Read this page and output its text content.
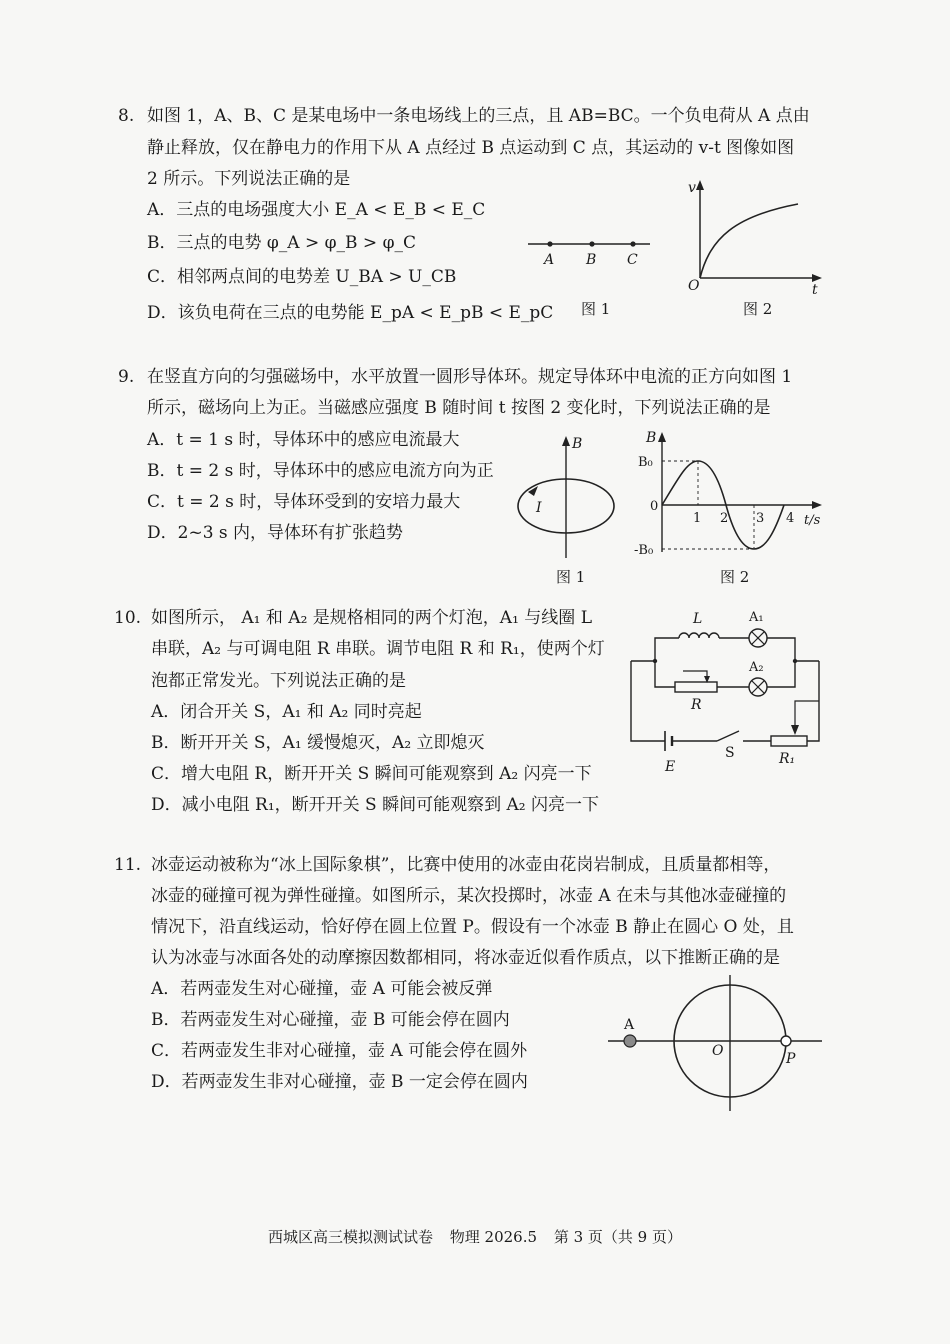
8. 如图 1，A、B、C 是某电场中一条电场线上的三点，且 AB=BC。一个负电荷从 A 点由
静止释放，仅在静电力的作用下从 A 点经过 B 点运动到 C 点，其运动的 v-t 图像如图
2 所示。下列说法正确的是
A．三点的电场强度大小 E_A < E_B < E_C
B．三点的电势 φ_A > φ_B > φ_C
C．相邻两点间的电势差 U_BA > U_CB
D．该负电荷在三点的电势能 E_pA < E_pB < E_pC
A B C
图 1
v
t
O
图 2
9. 在竖直方向的匀强磁场中，水平放置一圆形导体环。规定导体环中电流的正方向如图 1
所示，磁场向上为正。当磁感应强度 B 随时间 t 按图 2 变化时，下列说法正确的是
A．t = 1 s 时，导体环中的感应电流最大
B．t = 2 s 时，导体环中的感应电流方向为正
C．t = 2 s 时，导体环受到的安培力最大
D．2~3 s 内，导体环有扩张趋势
B
I
图 1
B
t/s
0
B₀
-B₀
1 2 3 4
图 2
10. 如图所示， A₁ 和 A₂ 是规格相同的两个灯泡，A₁ 与线圈 L
串联，A₂ 与可调电阻 R 串联。调节电阻 R 和 R₁，使两个灯
泡都正常发光。下列说法正确的是
A．闭合开关 S，A₁ 和 A₂ 同时亮起
B．断开开关 S，A₁ 缓慢熄灭，A₂ 立即熄灭
C．增大电阻 R，断开开关 S 瞬间可能观察到 A₂ 闪亮一下
D．减小电阻 R₁，断开开关 S 瞬间可能观察到 A₂ 闪亮一下
L	A₁
A₂
R
E
S	R₁
11. 冰壶运动被称为“冰上国际象棋”，比赛中使用的冰壶由花岗岩制成，且质量都相等，
冰壶的碰撞可视为弹性碰撞。如图所示，某次投掷时，冰壶 A 在未与其他冰壶碰撞的
情况下，沿直线运动，恰好停在圆上位置 P。假设有一个冰壶 B 静止在圆心 O 处，且
认为冰壶与冰面各处的动摩擦因数都相同，将冰壶近似看作质点，以下推断正确的是
A．若两壶发生对心碰撞，壶 A 可能会被反弹
B．若两壶发生对心碰撞，壶 B 可能会停在圆内
C．若两壶发生非对心碰撞，壶 A 可能会停在圆外
D．若两壶发生非对心碰撞，壶 B 一定会停在圆内
A
O	P
西城区高三模拟测试试卷 物理 2026.5 第 3 页（共 9 页）
